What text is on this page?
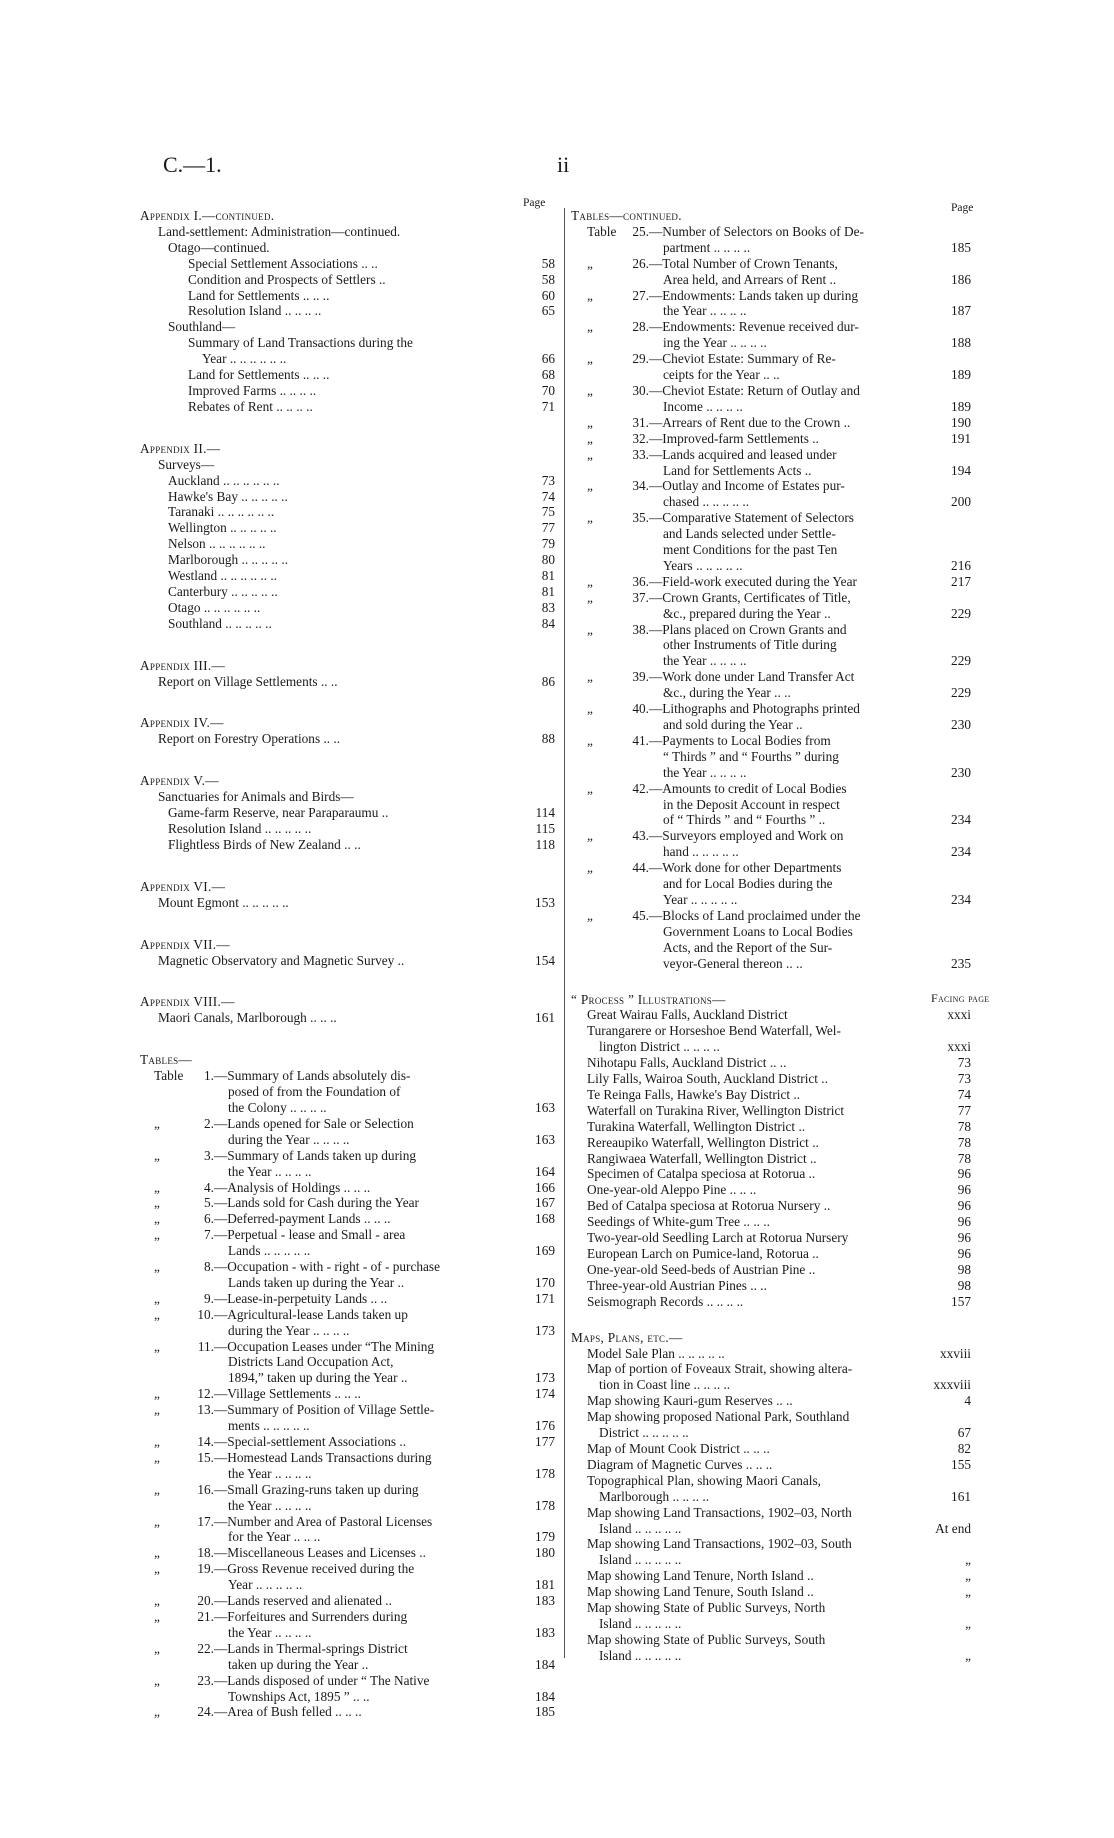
C.—1.	ii
Page	Page
Appendix I.—continued.
Land-settlement: Administration—continued.
Otago—continued.
Special Settlement Associations .. ..	58
Condition and Prospects of Settlers ..	58
Land for Settlements .. .. ..	60
Resolution Island .. .. .. ..	65
Southland—
Summary of Land Transactions during the
Year .. .. .. .. .. ..	66
Land for Settlements .. .. ..	68
Improved Farms .. .. .. ..	70
Rebates of Rent .. .. .. ..	71
Appendix II.—
Surveys—
Auckland .. .. .. .. .. ..	73
Hawke's Bay .. .. .. .. ..	74
Taranaki .. .. .. .. .. ..	75
Wellington .. .. .. .. ..	77
Nelson .. .. .. .. .. ..	79
Marlborough .. .. .. .. ..	80
Westland .. .. .. .. .. ..	81
Canterbury .. .. .. .. ..	81
Otago .. .. .. .. .. ..	83
Southland .. .. .. .. ..	84
Appendix III.—
Report on Village Settlements .. ..	86
Appendix IV.—
Report on Forestry Operations .. ..	88
Appendix V.—
Sanctuaries for Animals and Birds—
Game-farm Reserve, near Paraparaumu ..	114
Resolution Island .. .. .. .. ..	115
Flightless Birds of New Zealand .. ..	118
Appendix VI.—
Mount Egmont .. .. .. .. ..	153
Appendix VII.—
Magnetic Observatory and Magnetic Survey ..	154
Appendix VIII.—
Maori Canals, Marlborough .. .. ..	161
Tables—
Table 1.—Summary of Lands absolutely dis-
posed of from the Foundation of
the Colony .. .. .. ..	163
„	2.—Lands opened for Sale or Selection
during the Year .. .. .. ..	163
„	3.—Summary of Lands taken up during
the Year .. .. .. ..	164
„	4.—Analysis of Holdings .. .. ..	166
„	5.—Lands sold for Cash during the Year	167
„	6.—Deferred-payment Lands .. .. ..	168
„	7.—Perpetual - lease and Small - area
Lands .. .. .. .. ..	169
„	8.—Occupation - with - right - of - purchase
Lands taken up during the Year ..	170
„	9.—Lease-in-perpetuity Lands .. ..	171
„	10.—Agricultural-lease Lands taken up
during the Year .. .. .. ..	173
„	11.—Occupation Leases under “The Mining
Districts Land Occupation Act,
1894,” taken up during the Year ..	173
„	12.—Village Settlements .. .. ..	174
„	13.—Summary of Position of Village Settle-
ments .. .. .. .. ..	176
„	14.—Special-settlement Associations ..	177
„	15.—Homestead Lands Transactions during
the Year .. .. .. ..	178
„	16.—Small Grazing-runs taken up during
the Year .. .. .. ..	178
„	17.—Number and Area of Pastoral Licenses
for the Year .. .. ..	179
„	18.—Miscellaneous Leases and Licenses ..	180
„	19.—Gross Revenue received during the
Year .. .. .. .. ..	181
„	20.—Lands reserved and alienated ..	183
„	21.—Forfeitures and Surrenders during
the Year .. .. .. ..	183
„	22.—Lands in Thermal-springs District
taken up during the Year ..	184
„	23.—Lands disposed of under “ The Native
Townships Act, 1895 ” .. ..	184
„	24.—Area of Bush felled .. .. ..	185
Tables—continued.
Table 25.—Number of Selectors on Books of De-
partment .. .. .. ..	185
„	26.—Total Number of Crown Tenants,
Area held, and Arrears of Rent ..	186
„	27.—Endowments: Lands taken up during
the Year .. .. .. ..	187
„	28.—Endowments: Revenue received dur-
ing the Year .. .. .. ..	188
„	29.—Cheviot Estate: Summary of Re-
ceipts for the Year .. ..	189
„	30.—Cheviot Estate: Return of Outlay and
Income .. .. .. ..	189
„	31.—Arrears of Rent due to the Crown ..	190
„	32.—Improved-farm Settlements ..	191
„	33.—Lands acquired and leased under
Land for Settlements Acts ..	194
„	34.—Outlay and Income of Estates pur-
chased .. .. .. .. ..	200
„	35.—Comparative Statement of Selectors
and Lands selected under Settle-
ment Conditions for the past Ten
Years .. .. .. .. ..	216
„	36.—Field-work executed during the Year	217
„	37.—Crown Grants, Certificates of Title,
&c., prepared during the Year ..	229
„	38.—Plans placed on Crown Grants and
other Instruments of Title during
the Year .. .. .. ..	229
„	39.—Work done under Land Transfer Act
&c., during the Year .. ..	229
„	40.—Lithographs and Photographs printed
and sold during the Year ..	230
„	41.—Payments to Local Bodies from
“ Thirds ” and “ Fourths ” during
the Year .. .. .. ..	230
„	42.—Amounts to credit of Local Bodies
in the Deposit Account in respect
of “ Thirds ” and “ Fourths ” ..	234
„	43.—Surveyors employed and Work on
hand .. .. .. .. ..	234
„	44.—Work done for other Departments
and for Local Bodies during the
Year .. .. .. .. ..	234
„	45.—Blocks of Land proclaimed under the
Government Loans to Local Bodies
Acts, and the Report of the Sur-
veyor-General thereon .. ..	235
“ Process ” Illustrations—	Facing page
Great Wairau Falls, Auckland District	xxxi
Turangarere or Horseshoe Bend Waterfall, Wel-
lington District .. .. .. ..	xxxi
Nihotapu Falls, Auckland District .. ..	73
Lily Falls, Wairoa South, Auckland District ..	73
Te Reinga Falls, Hawke's Bay District ..	74
Waterfall on Turakina River, Wellington District	77
Turakina Waterfall, Wellington District ..	78
Rereaupiko Waterfall, Wellington District ..	78
Rangiwaea Waterfall, Wellington District ..	78
Specimen of Catalpa speciosa at Rotorua ..	96
One-year-old Aleppo Pine .. .. ..	96
Bed of Catalpa speciosa at Rotorua Nursery ..	96
Seedings of White-gum Tree .. .. ..	96
Two-year-old Seedling Larch at Rotorua Nursery	96
European Larch on Pumice-land, Rotorua ..	96
One-year-old Seed-beds of Austrian Pine ..	98
Three-year-old Austrian Pines .. ..	98
Seismograph Records .. .. .. ..	157
Maps, Plans, etc.—
Model Sale Plan .. .. .. .. ..	xxviii
Map of portion of Foveaux Strait, showing altera-
tion in Coast line .. .. .. ..	xxxviii
Map showing Kauri-gum Reserves .. ..	4
Map showing proposed National Park, Southland
District .. .. .. .. ..	67
Map of Mount Cook District .. .. ..	82
Diagram of Magnetic Curves .. .. ..	155
Topographical Plan, showing Maori Canals,
Marlborough .. .. .. ..	161
Map showing Land Transactions, 1902–03, North
Island .. .. .. .. ..	At end
Map showing Land Transactions, 1902–03, South
Island .. .. .. .. ..	„
Map showing Land Tenure, North Island ..	„
Map showing Land Tenure, South Island ..	„
Map showing State of Public Surveys, North
Island .. .. .. .. ..	„
Map showing State of Public Surveys, South
Island .. .. .. .. ..	„
